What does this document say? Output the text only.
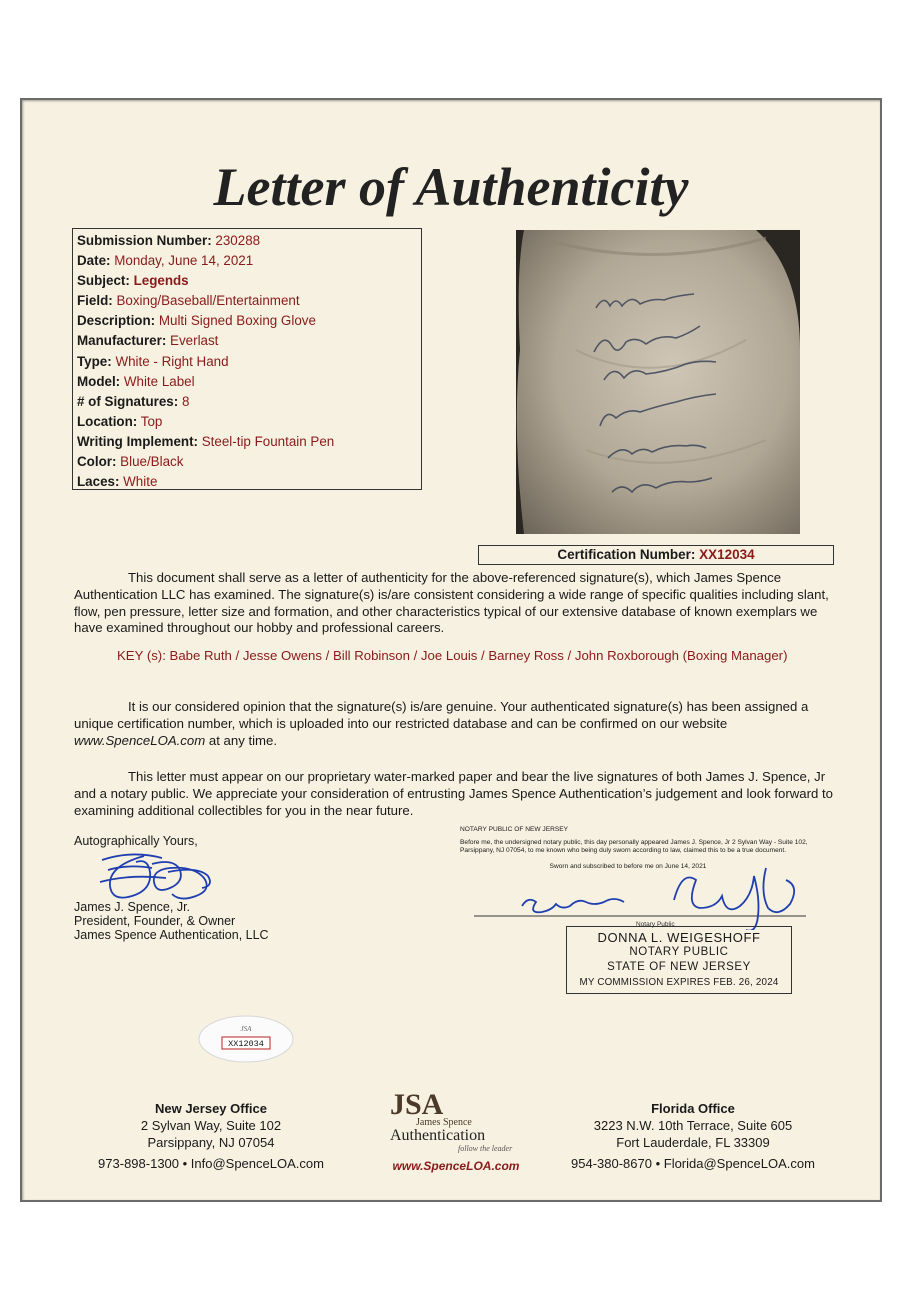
Letter of Authenticity
Submission Number: 230288
Date: Monday, June 14, 2021
Subject: Legends
Field: Boxing/Baseball/Entertainment
Description: Multi Signed Boxing Glove
Manufacturer: Everlast
Type: White - Right Hand
Model: White Label
# of Signatures: 8
Location: Top
Writing Implement: Steel-tip Fountain Pen
Color: Blue/Black
Laces: White
Certification Number: XX12034
This document shall serve as a letter of authenticity for the above-referenced signature(s), which James Spence Authentication LLC has examined. The signature(s) is/are consistent considering a wide range of specific qualities including slant, flow, pen pressure, letter size and formation, and other characteristics typical of our extensive database of known exemplars we have examined throughout our hobby and professional careers.
KEY (s): Babe Ruth / Jesse Owens / Bill Robinson / Joe Louis / Barney Ross / John Roxborough (Boxing Manager)
It is our considered opinion that the signature(s) is/are genuine. Your authenticated signature(s) has been assigned a unique certification number, which is uploaded into our restricted database and can be confirmed on our website www.SpenceLOA.com at any time.
This letter must appear on our proprietary water-marked paper and bear the live signatures of both James J. Spence, Jr and a notary public. We appreciate your consideration of entrusting James Spence Authentication’s judgement and look forward to examining additional collectibles for you in the near future.
Autographically Yours,
James J. Spence, Jr.
President, Founder, & Owner
James Spence Authentication, LLC
NOTARY PUBLIC OF NEW JERSEY
Before me, the undersigned notary public, this day personally appeared James J. Spence, Jr 2 Sylvan Way - Suite 102, Parsippany, NJ 07054, to me known who being duly sworn according to law, claimed this to be a true document.
Sworn and subscribed to before me on June 14, 2021
Notary Public
DONNA L. WEIGESHOFF
NOTARY PUBLIC
STATE OF NEW JERSEY
MY COMMISSION EXPIRES FEB. 26, 2024
JSA
XX12034
New Jersey Office
2 Sylvan Way, Suite 102
Parsippany, NJ 07054
973-898-1300 • Info@SpenceLOA.com
JSA
James Spence
Authentication
follow the leader
www.SpenceLOA.com
Florida Office
3223 N.W. 10th Terrace, Suite 605
Fort Lauderdale, FL 33309
954-380-8670 • Florida@SpenceLOA.com
